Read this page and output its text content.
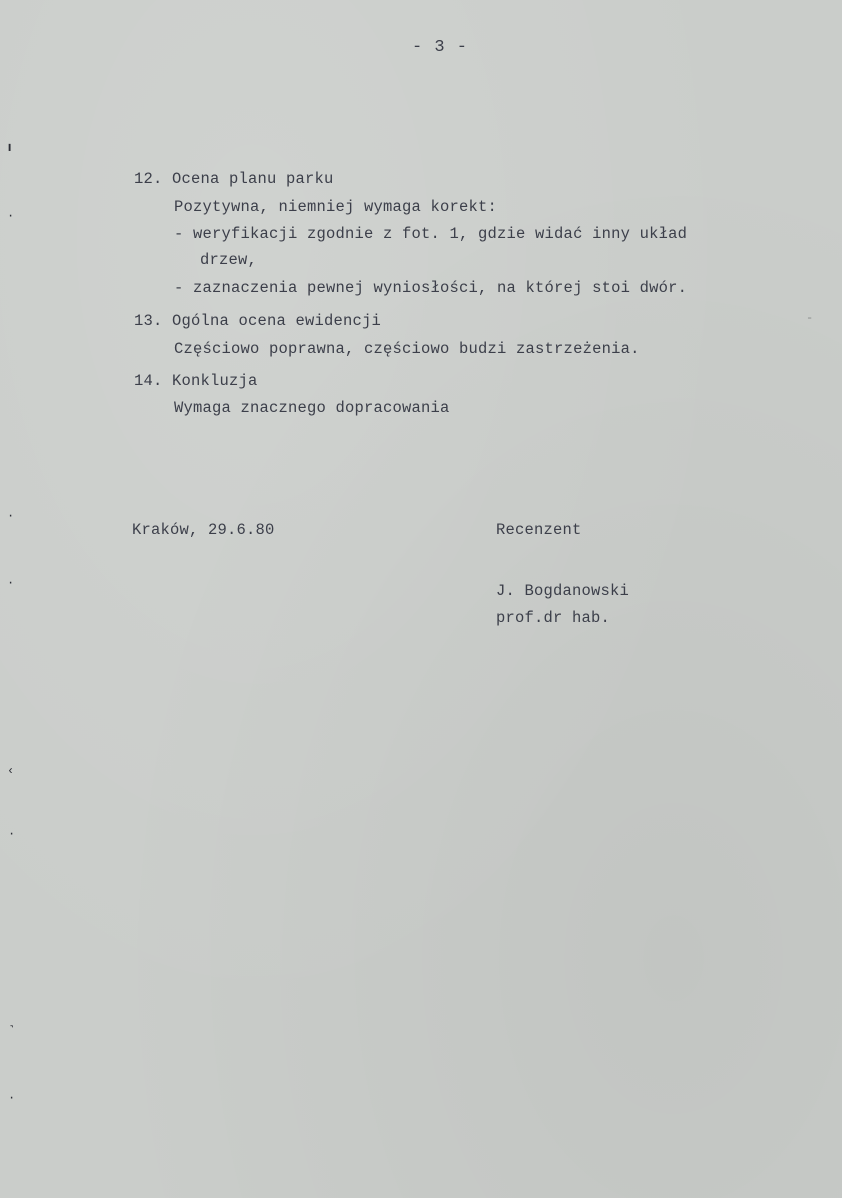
- 3 -
12. Ocena planu parku
Pozytywna, niemniej wymaga korekt:
- weryfikacji zgodnie z fot. 1, gdzie widać inny układ
drzew,
- zaznaczenia pewnej wyniosłości, na której stoi dwór.
13. Ogólna ocena ewidencji
Częściowo poprawna, częściowo budzi zastrzeżenia.
14. Konkluzja
Wymaga znacznego dopracowania
Kraków, 29.6.80	Recenzent
J. Bogdanowski
prof.dr hab.
╹
·
·
·
‹
·
˺
·
-
